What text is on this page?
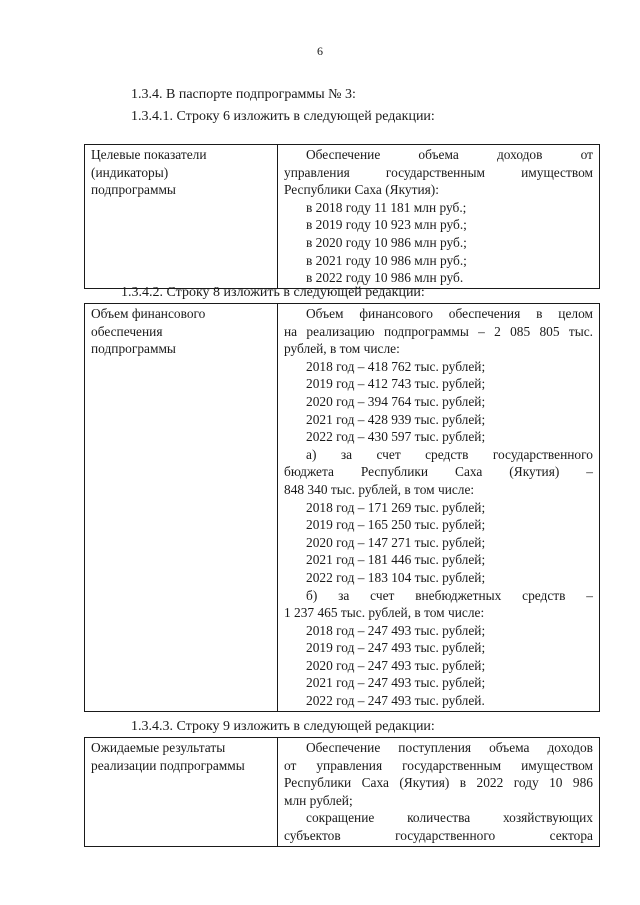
6
1.3.4. В паспорте подпрограммы № 3:
1.3.4.1. Строку 6 изложить в следующей редакции:
Целевые показатели
(индикаторы)
подпрограммы

Обеспечение объема доходов от
управления государственным имуществом
Республики Саха (Якутия):
в 2018 году 11 181 млн руб.;
в 2019 году 10 923 млн руб.;
в 2020 году 10 986 млн руб.;
в 2021 году 10 986 млн руб.;
в 2022 году 10 986 млн руб.
1.3.4.2. Строку 8 изложить в следующей редакции:
Объем финансового
обеспечения
подпрограммы

Объем финансового обеспечения в целом
на реализацию подпрограммы – 2 085 805 тыс.
рублей, в том числе:
2018 год – 418 762 тыс. рублей;
2019 год – 412 743 тыс. рублей;
2020 год – 394 764 тыс. рублей;
2021 год – 428 939 тыс. рублей;
2022 год – 430 597 тыс. рублей;
а) за счет средств государственного
бюджета Республики Саха (Якутия) –
848 340 тыс. рублей, в том числе:
2018 год – 171 269 тыс. рублей;
2019 год – 165 250 тыс. рублей;
2020 год – 147 271 тыс. рублей;
2021 год – 181 446 тыс. рублей;
2022 год – 183 104 тыс. рублей;
б) за счет внебюджетных средств –
1 237 465 тыс. рублей, в том числе:
2018 год – 247 493 тыс. рублей;
2019 год – 247 493 тыс. рублей;
2020 год – 247 493 тыс. рублей;
2021 год – 247 493 тыс. рублей;
2022 год – 247 493 тыс. рублей.
1.3.4.3. Строку 9 изложить в следующей редакции:
Ожидаемые результаты
реализации подпрограммы

Обеспечение поступления объема доходов
от управления государственным имуществом
Республики Саха (Якутия) в 2022 году 10 986
млн рублей;
сокращение количества хозяйствующих
субъектов государственного сектора
